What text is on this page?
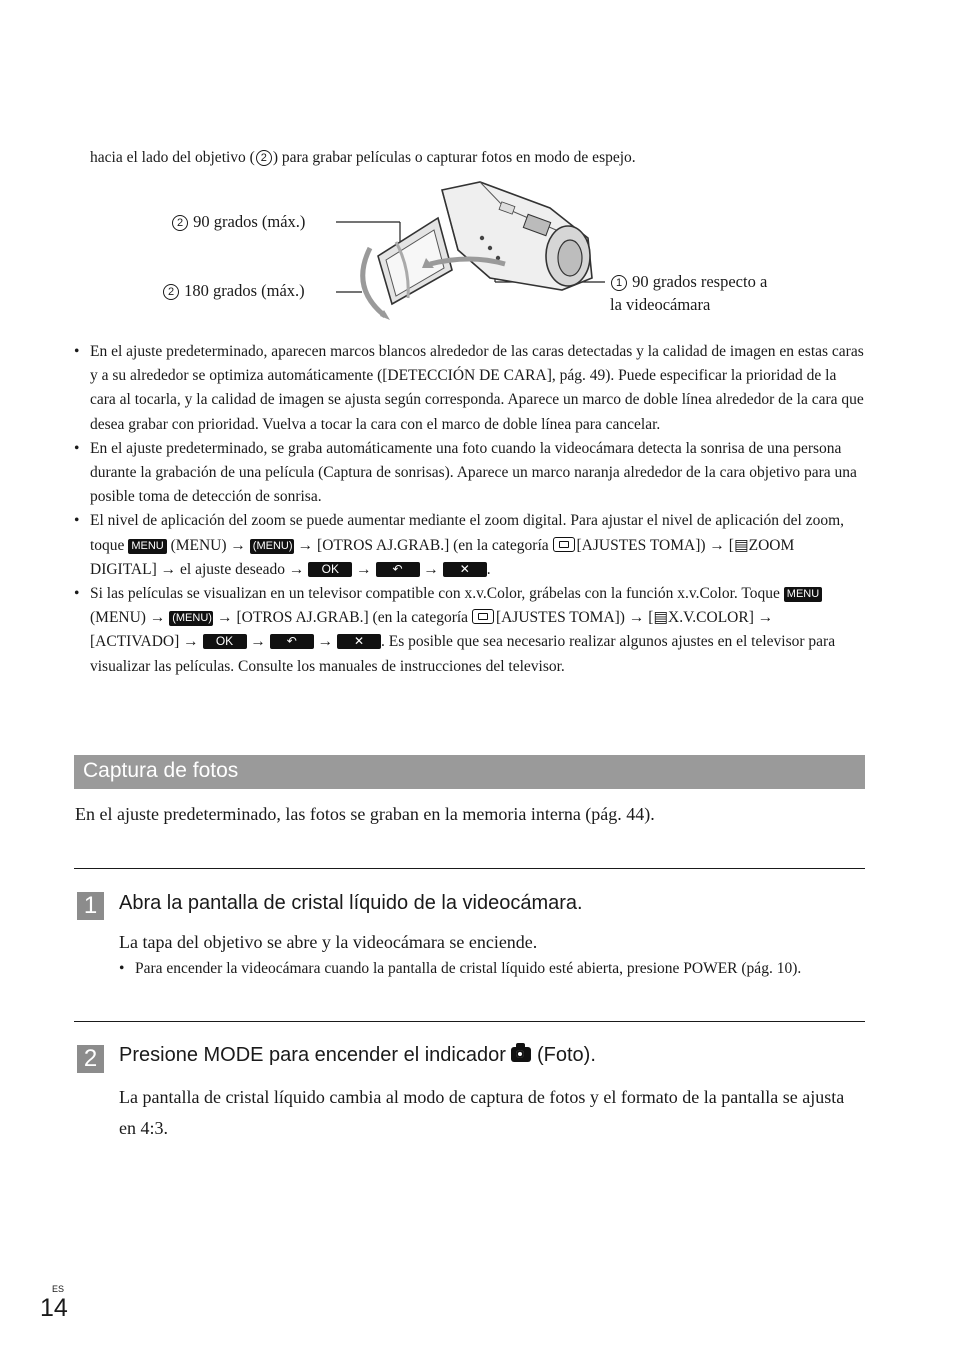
hacia el lado del objetivo ( 2 ) para grabar películas o capturar fotos en modo de espejo.
2 90 grados (máx.)
2 180 grados (máx.)	1 90 grados respecto a
la videocámara

• En el ajuste predeterminado, aparecen marcos blancos alrededor de las caras detectadas y la calidad de imagen en estas caras y a su alrededor se optimiza automáticamente ([DETECCIÓN DE CARA], pág. 49). Puede especificar la prioridad de la cara al tocarla, y la calidad de imagen se ajusta según corresponda. Aparece un marco de doble línea alrededor de la cara que desea grabar con prioridad. Vuelva a tocar la cara con el marco de doble línea para cancelar.

• En el ajuste predeterminado, se graba automáticamente una foto cuando la videocámara detecta la sonrisa de una persona durante la grabación de una película (Captura de sonrisas). Aparece un marco naranja alrededor de la cara objetivo para una posible toma de detección de sonrisa.

• El nivel de aplicación del zoom se puede aumentar mediante el zoom digital. Para ajustar el nivel de aplicación del zoom, toque MENU (MENU) → (MENU) → [OTROS AJ.GRAB.] (en la categoría [AJUSTES TOMA]) → [▤ZOOM DIGITAL] → el ajuste deseado → OK → ↶ → ✕ .

• Si las películas se visualizan en un televisor compatible con x.v.Color, grábelas con la función x.v.Color. Toque MENU (MENU) → (MENU) → [OTROS AJ.GRAB.] (en la categoría [AJUSTES TOMA]) → [▤X.V.COLOR] → [ACTIVADO] → OK → ↶ → ✕ . Es posible que sea necesario realizar algunos ajustes en el televisor para visualizar las películas. Consulte los manuales de instrucciones del televisor.

Captura de fotos
En el ajuste predeterminado, las fotos se graban en la memoria interna (pág. 44).
1	Abra la pantalla de cristal líquido de la videocámara.
La tapa del objetivo se abre y la videocámara se enciende.

• Para encender la videocámara cuando la pantalla de cristal líquido esté abierta, presione POWER (pág. 10).

2	Presione MODE para encender el indicador (Foto).
La pantalla de cristal líquido cambia al modo de captura de fotos y el formato de la pantalla se ajusta en 4:3.
ES
14
